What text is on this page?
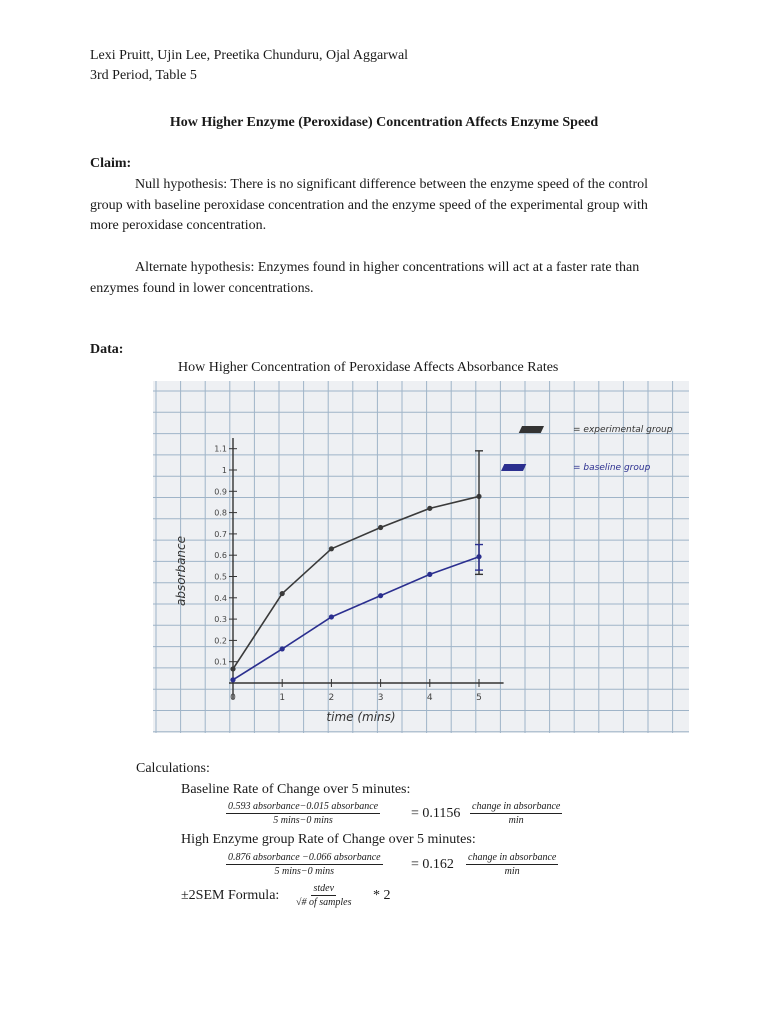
Lexi Pruitt, Ujin Lee, Preetika Chunduru, Ojal Aggarwal
3rd Period, Table 5
How Higher Enzyme (Peroxidase) Concentration Affects Enzyme Speed
Claim:
Null hypothesis: There is no significant difference between the enzyme speed of the control group with baseline peroxidase concentration and the enzyme speed of the experimental group with more peroxidase concentration.
Alternate hypothesis: Enzymes found in higher concentrations will act at a faster rate than enzymes found in lower concentrations.
Data:
How Higher Concentration of Peroxidase Affects Absorbance Rates
0.1
0.2
0.3
0.4
0.5
0.6
0.7
0.8
0.9
1
1.1
0	1	2	3	4	5
= experimental group
= baseline group
absorbance
time (mins)
Calculations:
Baseline Rate of Change over 5 minutes:
0.593 absorbance−0.015 absorbance
5 mins−0 mins	= 0.1156 change in absorbance
min
High Enzyme group Rate of Change over 5 minutes:
0.876 absorbance −0.066 absorbance
5 mins−0 mins	= 0.162 change in absorbance
min
±2SEM Formula:	stdev
√# of samples * 2
